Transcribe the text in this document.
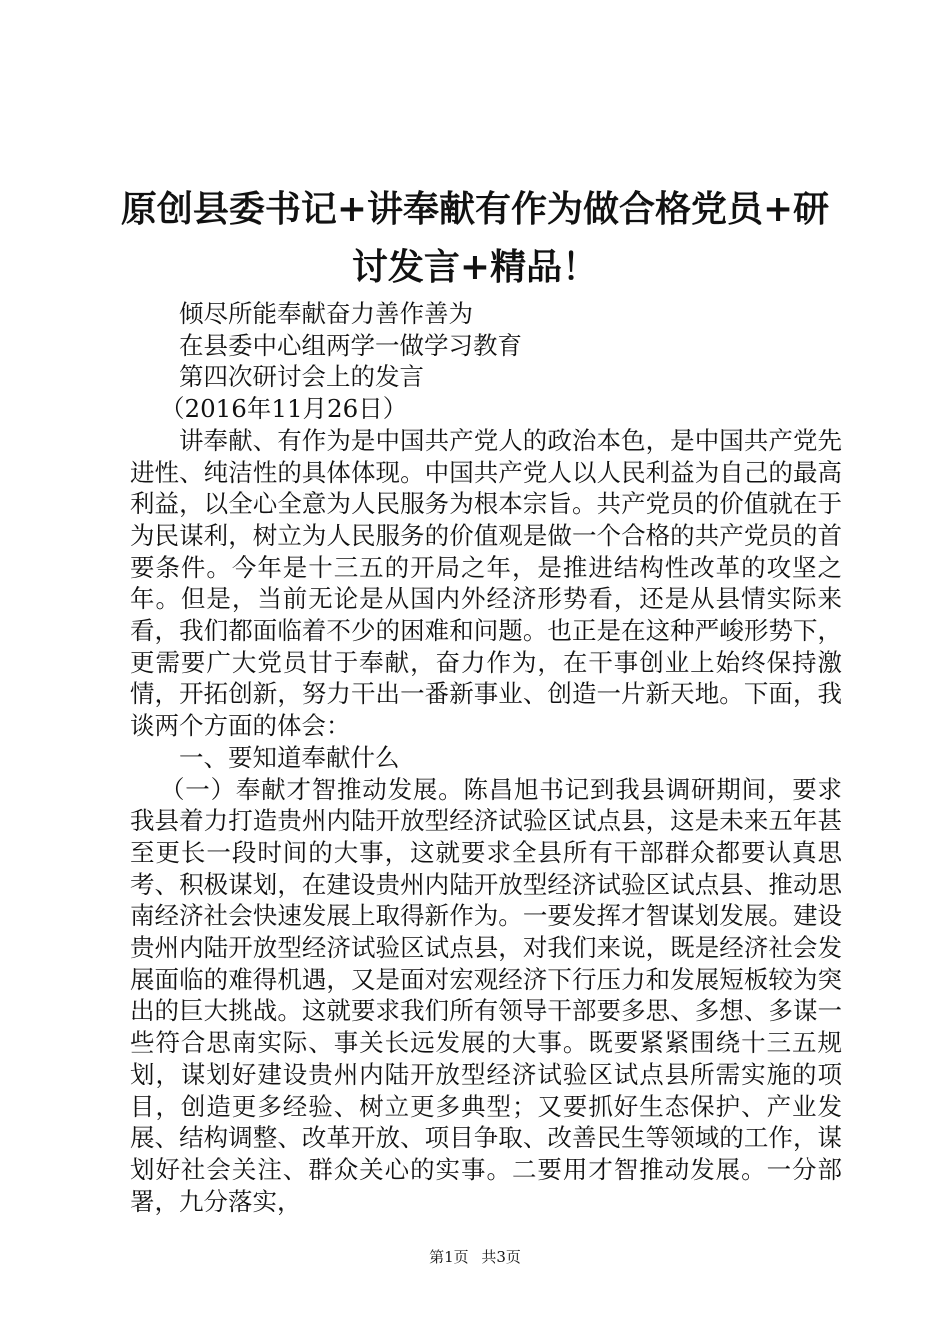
原创县委书记+讲奉献有作为做合格党员+研讨发言+精品！

倾尽所能奉献奋力善作善为

在县委中心组两学一做学习教育

第四次研讨会上的发言

（2016年11月26日）

讲奉献、有作为是中国共产党人的政治本色，是中国共产党先进性、纯洁性的具体体现。中国共产党人以人民利益为自己的最高利益，以全心全意为人民服务为根本宗旨。共产党员的价值就在于为民谋利，树立为人民服务的价值观是做一个合格的共产党员的首要条件。今年是十三五的开局之年，是推进结构性改革的攻坚之年。但是，当前无论是从国内外经济形势看，还是从县情实际来看，我们都面临着不少的困难和问题。也正是在这种严峻形势下，更需要广大党员甘于奉献，奋力作为，在干事创业上始终保持激情，开拓创新，努力干出一番新事业、创造一片新天地。下面，我谈两个方面的体会：

一、要知道奉献什么

（一）奉献才智推动发展。陈昌旭书记到我县调研期间，要求我县着力打造贵州内陆开放型经济试验区试点县，这是未来五年甚至更长一段时间的大事，这就要求全县所有干部群众都要认真思考、积极谋划，在建设贵州内陆开放型经济试验区试点县、推动思南经济社会快速发展上取得新作为。一要发挥才智谋划发展。建设贵州内陆开放型经济试验区试点县，对我们来说，既是经济社会发展面临的难得机遇，又是面对宏观经济下行压力和发展短板较为突出的巨大挑战。这就要求我们所有领导干部要多思、多想、多谋一些符合思南实际、事关长远发展的大事。既要紧紧围绕十三五规划，谋划好建设贵州内陆开放型经济试验区试点县所需实施的项目，创造更多经验、树立更多典型；又要抓好生态保护、产业发展、结构调整、改革开放、项目争取、改善民生等领域的工作，谋划好社会关注、群众关心的实事。二要用才智推动发展。一分部署，九分落实，

第1页 共3页
